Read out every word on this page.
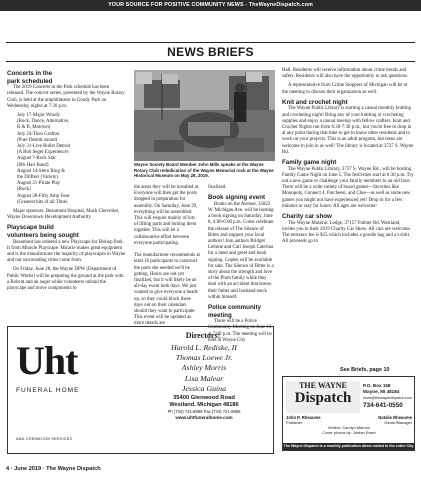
YOUR SOURCE FOR POSITIVE COMMUNITY NEWS - TheWayneDispatch.com
NEWS BRIEFS
Concerts in the
park scheduled

The 2019 Concerts in the Park schedule has been released. The concert series, presented by the Wayne Rotary Club, is held at the amphitheatre in Goudy Park on Wednesday nights at 7:30 p.m.

July 17-Major Woody
(Rock, Dance, Alternative,
R & B, Motown)
July 24-Theo Grafton
(Pure Detroit sound)
July 31-Live Bullet Detroit
(A Bob Seger Experience)
August 7-Rock Star
(80s Hair Band)
August 14-Stern Ring &
the Drifters (Variety)
August 21-Pirate Play
(Rock)
August 28-Fifty Amp Fuse
(Greatest hits of all Time)

Major sponsors: Beaumont Hospital, Mach Chevrolet, Wayne Downtown Development Authority

Playscape build
volunteers being sought

Beaumont has ordered a new Playscape for Bishop Park. It from Miracle Playscape. Miracle makes great equipment and is the manufacturer the majority of playscapes in Wayne and our surrounding cities come from.

On Friday, June 28, the Wayne DPW (Department of Public Works) will be preparing the ground at the park with a Bobcat and an auger while volunteers unload the playscape and move components to

Wayne Society Board Member John Mills speaks at the Wayne Rotary Club rededication of the Wayne Memorial rock at the Wayne Historical Museum on May 28, 2019.

the areas they will be installed at. Everyone will then get the posts dropped in preparation for assembly. On Saturday, June 29, everything will be assembled. This will require mainly of lots of lifting parts and bolting them together. This will be a collaborative effort between everyone participating.

The manufacturer recommends at least 16 participants to construct the parts she needed we'll be getting. Hours are not yet finalized, but it will likely be an all-day event both days. We just wanted to give everyone a heads up, so they could block these days out on their calendars should they want to participate. This event will be updated as more details are

finalized.

Book signing event

Books on the Avenue, 35822 W. Michigan Ave. will be hosting a book signing on Saturday, June 8, 4:00-6:00 p.m. Come celebrate the release of The Silence of Bitter and support your local authors! Join authors Bridget Lemme and Carl Joseph Caterina for a meet and greet and book signing. Copies will be available for sale. The Silence of Bitter is a story about the strength and love of the Plum family while they deal with an accident that leaves their father and husband stuck within himself.

Police community meeting

There will be a Police Community Meeting on June 13 at 7:00 p.m. The meeting will be held at Wayne City

Hall. Residents will receive information about crime trends and safety. Residents will also have the opportunity to ask questions.

A representative from Crime Stoppers of Michigan will be at the meeting to discuss their organization as well.

Knit and crochet night

The Wayne Public Library is starting a casual monthly knitting and crocheting night! Bring any of your knitting or crocheting supplies and enjoy a casual meetup with fellow crafters. Knit and Crochet Nights run from 6:30-7:30 p.m., but you're free to drop in at any point during that time to get to know other residents and to work on your projects. This is an adult program, but teens are welcome to join in as well! The library is located at 3737 S. Wayne Rd.

Family game night

The Wayne Public Library, 3737 S. Wayne Rd., will be hosting Family Game Night on June 5. The festivities start at 6:30 p.m. Try out a new game or challenge your family members to an old fave. There will be a wide variety of board games—favorites like Monopoly, Connect 4, Parcheesi, and Clue—as well as some new games you might not have experienced yet! Drop in for a few minutes or stay for hours. All ages are welcome!

Charity car show

The Wayne Masonic Lodge, 37157 Palmer Rd. Westland, invites you to their 2019 Charity Car Show. All cars are welcome. The entrance fee is $15 which includes a goodie bag and a t-shirt. All proceeds go to

See Briefs, page 10
Uht
FUNERAL HOME
AND CREMATION SERVICES
Directors:
Harold L. Rediske, II
Thomas Loewe Jr.
Ashley Morris
Lisa Malear
Jessica Guina
35400 Glenwood Road
Westland, Michigan 48186
Ph (734) 721-8888 Fax (734) 721-8888
www.uhtfuneralhome.com
THE WAYNE
Dispatch
P.O. Box 158
Wayne, MI 48184
news@thewaynedispatch.com
734-641-0550
John P. Rheaume	Natalie Rheaume
Publisher	Owner/Manager
Writers: Carolyn Marnon
Cover photos by: Jordan Ewert
The Wayne Dispatch is a monthly publication direct mailed to the entire City of Wayne.
4 · June 2019 · The Wayne Dispatch
